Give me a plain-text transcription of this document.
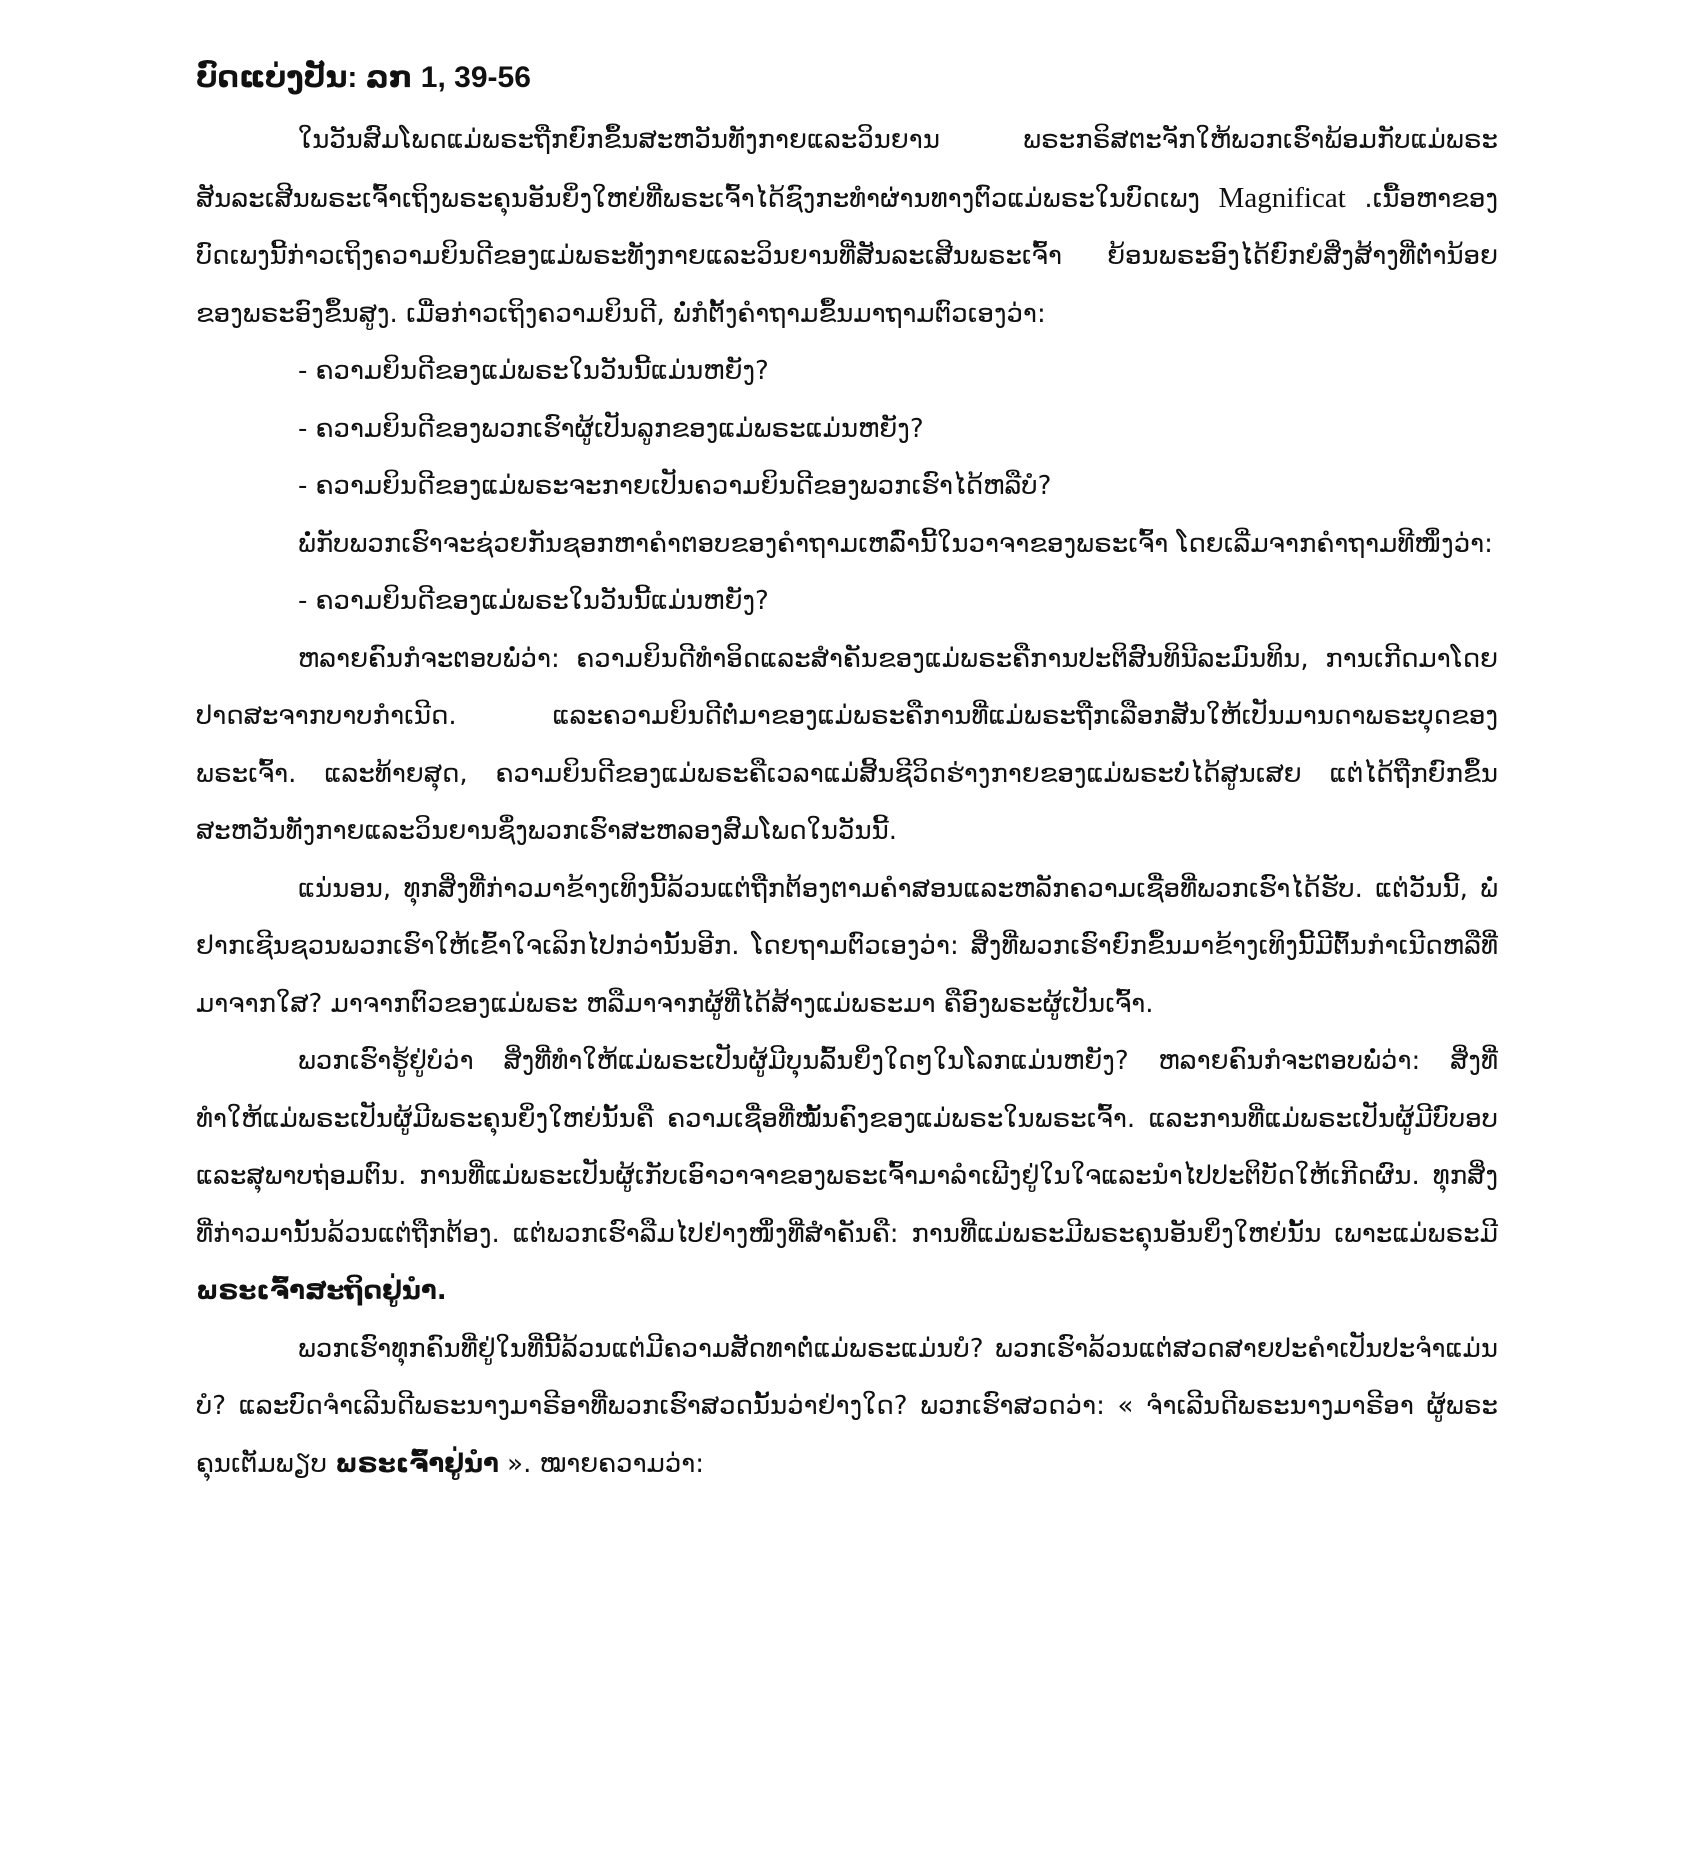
ບົດແບ່ງປັນ: ລກ 1, 39-56

ໃນວັນສົມໂພດແມ່ພຣະຖືກຍົກຂຶ້ນສະຫວັນທັງກາຍແລະວິນຍານ ພຣະກຣິສຕະຈັກໃຫ້ພວກເຮົາພ້ອມກັບແມ່ພຣະສັນລະເສີນພຣະເຈົ້າເຖິງພຣະຄຸນອັນຍິ່ງໃຫຍ່ທີ່ພຣະເຈົ້າໄດ້ຊົງກະທຳຜ່ານທາງຕົວແມ່ພຣະໃນບົດເພງ Magnificat .ເນື້ອຫາຂອງບົດເພງນີ້ກ່າວເຖິງຄວາມຍິນດີຂອງແມ່ພຣະທັງກາຍແລະວິນຍານທີ່ສັນລະເສີນພຣະເຈົ້າ ຍ້ອນພຣະອົງໄດ້ຍົກຍໍສິ່ງສ້າງທີ່ຕ່ຳນ້ອຍຂອງພຣະອົງຂຶ້ນສູງ. ເມື່ອກ່າວເຖິງຄວາມຍິນດີ, ພໍ່ກໍຕັ້ງຄຳຖາມຂຶ້ນມາຖາມຕົວເອງວ່າ:

- ຄວາມຍິນດີຂອງແມ່ພຣະໃນວັນນີ້ແມ່ນຫຍັງ?

- ຄວາມຍິນດີຂອງພວກເຮົາຜູ້ເປັນລູກຂອງແມ່ພຣະແມ່ນຫຍັງ?

- ຄວາມຍິນດີຂອງແມ່ພຣະຈະກາຍເປັນຄວາມຍິນດີຂອງພວກເຮົາໄດ້ຫລືບໍ?

ພໍ່ກັບພວກເຮົາຈະຊ່ວຍກັນຊອກຫາຄຳຕອບຂອງຄຳຖາມເຫລົ່ານີ້ໃນວາຈາຂອງພຣະເຈົ້າ ໂດຍເລີ່ມຈາກຄຳຖາມທີໜຶ່ງວ່າ:

- ຄວາມຍິນດີຂອງແມ່ພຣະໃນວັນນີ້ແມ່ນຫຍັງ?

ຫລາຍຄົນກໍຈະຕອບພໍ່ວ່າ: ຄວາມຍິນດີທຳອິດແລະສຳຄັນຂອງແມ່ພຣະຄືການປະຕິສົນທິນີລະມົນທິນ, ການເກີດມາໂດຍປາດສະຈາກບາບກຳເນີດ. ແລະຄວາມຍິນດີຕໍ່ມາຂອງແມ່ພຣະຄືການທີ່ແມ່ພຣະຖືກເລືອກສັນໃຫ້ເປັນມານດາພຣະບຸດຂອງພຣະເຈົ້າ. ແລະທ້າຍສຸດ, ຄວາມຍິນດີຂອງແມ່ພຣະຄືເວລາແມ່ສິ້ນຊີວິດຮ່າງກາຍຂອງແມ່ພຣະບໍ່ໄດ້ສູນເສຍ ແຕ່ໄດ້ຖືກຍົກຂຶ້ນສະຫວັນທັງກາຍແລະວິນຍານຊຶ່ງພວກເຮົາສະຫລອງສົມໂພດໃນວັນນີ້.

ແນ່ນອນ, ທຸກສິ່ງທີ່ກ່າວມາຂ້າງເທິງນີ້ລ້ວນແຕ່ຖືກຕ້ອງຕາມຄຳສອນແລະຫລັກຄວາມເຊື່ອທີ່ພວກເຮົາໄດ້ຮັບ. ແຕ່ວັນນີ້, ພໍ່ຢາກເຊີນຊວນພວກເຮົາໃຫ້ເຂົ້າໃຈເລິກໄປກວ່ານັ້ນອີກ. ໂດຍຖາມຕົວເອງວ່າ: ສິ່ງທີ່ພວກເຮົາຍົກຂຶ້ນມາຂ້າງເທິງນີ້ມີຕົ້ນກຳເນີດຫລືທີ່ມາຈາກໃສ? ມາຈາກຕົວຂອງແມ່ພຣະ ຫລືມາຈາກຜູ້ທີ່ໄດ້ສ້າງແມ່ພຣະມາ ຄືອົງພຣະຜູ້ເປັນເຈົ້າ.

ພວກເຮົາຮູ້ຢູ່ບໍວ່າ ສິ່ງທີ່ທຳໃຫ້ແມ່ພຣະເປັນຜູ້ມີບຸນລົ້ນຍິ່ງໃດໆໃນໂລກແມ່ນຫຍັງ? ຫລາຍຄົນກໍຈະຕອບພໍ່ວ່າ: ສິ່ງທີ່ທຳໃຫ້ແມ່ພຣະເປັນຜູ້ມີພຣະຄຸນຍິ່ງໃຫຍ່ນັ້ນຄື ຄວາມເຊື່ອທີ່ໝັ້ນຄົງຂອງແມ່ພຣະໃນພຣະເຈົ້າ. ແລະການທີ່ແມ່ພຣະເປັນຜູ້ມີບົບອບແລະສຸພາບຖ່ອມຕົນ. ການທີ່ແມ່ພຣະເປັນຜູ້ເກັບເອົາວາຈາຂອງພຣະເຈົ້າມາລຳເພີງຢູ່ໃນໃຈແລະນຳໄປປະຕິບັດໃຫ້ເກີດຜົນ. ທຸກສິ່ງທີ່ກ່າວມານັ້ນລ້ວນແຕ່ຖືກຕ້ອງ. ແຕ່ພວກເຮົາລືມໄປຢ່າງໜຶ່ງທີ່ສຳຄັນຄື: ການທີ່ແມ່ພຣະມີພຣະຄຸນອັນຍິ່ງໃຫຍ່ນັ້ນ ເພາະແມ່ພຣະມີພຣະເຈົ້າສະຖິດຢູ່ນຳ.

ພວກເຮົາທຸກຄົນທີ່ຢູ່ໃນທີ່ນີ້ລ້ວນແຕ່ມີຄວາມສັດທາຕໍ່ແມ່ພຣະແມ່ນບໍ? ພວກເຮົາລ້ວນແຕ່ສວດສາຍປະຄຳເປັນປະຈຳແມ່ນບໍ? ແລະບົດຈຳເລີນດີພຣະນາງມາຣີອາທີ່ພວກເຮົາສວດນັ້ນວ່າຢ່າງໃດ? ພວກເຮົາສວດວ່າ: « ຈຳເລີນດີພຣະນາງມາຣີອາ ຜູ້ພຣະຄຸນເຕັມພຽບ ພຣະເຈົ້າຢູ່ນຳ ». ໝາຍຄວາມວ່າ:
